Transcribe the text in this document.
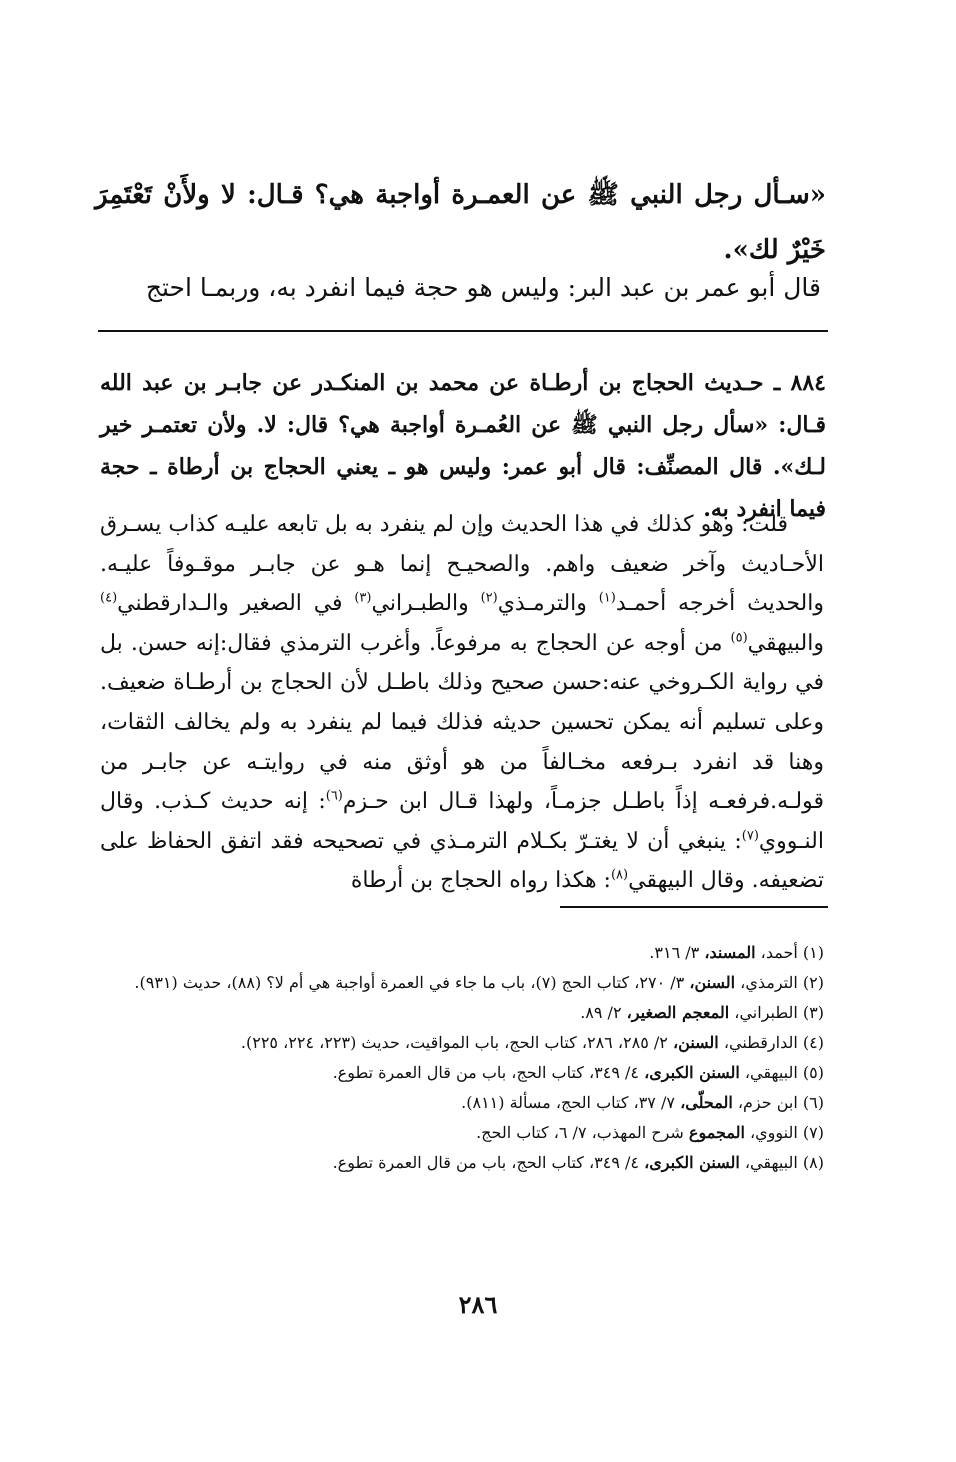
«سـأل رجل النبي ﷺ عن العمـرة أواجبة هي؟ قـال: لا ولأَنْ تَعْتَمِرَ خَيْرٌ لك».

قال أبو عمر بن عبد البر: وليس هو حجة فيما انفرد به، وربمـا احتج

٨٨٤ ـ حـديث الحجاج بن أرطـاة عن محمد بن المنكـدر عن جابـر بن عبد الله قـال: «سأل رجل النبي ﷺ عن العُمـرة أواجبة هي؟ قال: لا. ولأن تعتمـر خير لـك». قال المصنِّف: قال أبو عمر: وليس هو ـ يعني الحجاج بن أرطاة ـ حجة فيما انفرد به.

قلت: وهو كذلك في هذا الحديث وإن لم ينفرد به بل تابعه عليـه كذاب يسـرق الأحـاديث وآخر ضعيف واهم. والصحيـح إنما هـو عن جابـر موقـوفاً عليـه. والحديث أخرجه أحمـد$^{(١)}$ والترمـذي$^{(٢)}$ والطبـراني$^{(٣)}$ في الصغير والـدارقطني$^{(٤)}$ والبيهقي$^{(٥)}$ من أوجه عن الحجاج به مرفوعاً. وأغرب الترمذي فقال:إنه حسن. بل في رواية الكـروخي عنه:حسن صحيح وذلك باطـل لأن الحجاج بن أرطـاة ضعيف. وعلى تسليم أنه يمكن تحسين حديثه فذلك فيما لم ينفرد به ولم يخالف الثقات، وهنا قد انفرد بـرفعه مخـالفاً من هو أوثق منه في روايتـه عن جابـر من قولـه.فرفعـه إذاً باطـل جزمـاً، ولهذا قـال ابن حـزم$^{(٦)}$: إنه حديث كـذب. وقال النـووي$^{(٧)}$: ينبغي أن لا يغتـرّ بكـلام الترمـذي في تصحيحه فقد اتفق الحفاظ على تضعيفه. وقال البيهقي$^{(٨)}$: هكذا رواه الحجاج بن أرطاة

(١) أحمد، المسند، ٣/ ٣١٦.

(٢) الترمذي، السنن، ٣/ ٢٧٠، كتاب الحج (٧)، باب ما جاء في العمرة أواجبة هي أم لا؟ (٨٨)، حديث (٩٣١).

(٣) الطبراني، المعجم الصغير، ٢/ ٨٩.

(٤) الدارقطني، السنن، ٢/ ٢٨٥، ٢٨٦، كتاب الحج، باب المواقيت، حديث (٢٢٣، ٢٢٤، ٢٢٥).

(٥) البيهقي، السنن الكبرى، ٤/ ٣٤٩، كتاب الحج، باب من قال العمرة تطوع.

(٦) ابن حزم، المحلّى، ٧/ ٣٧، كتاب الحج، مسألة (٨١١).

(٧) النووي، المجموع شرح المهذب، ٧/ ٦، كتاب الحج.

(٨) البيهقي، السنن الكبرى، ٤/ ٣٤٩، كتاب الحج، باب من قال العمرة تطوع.

٢٨٦
